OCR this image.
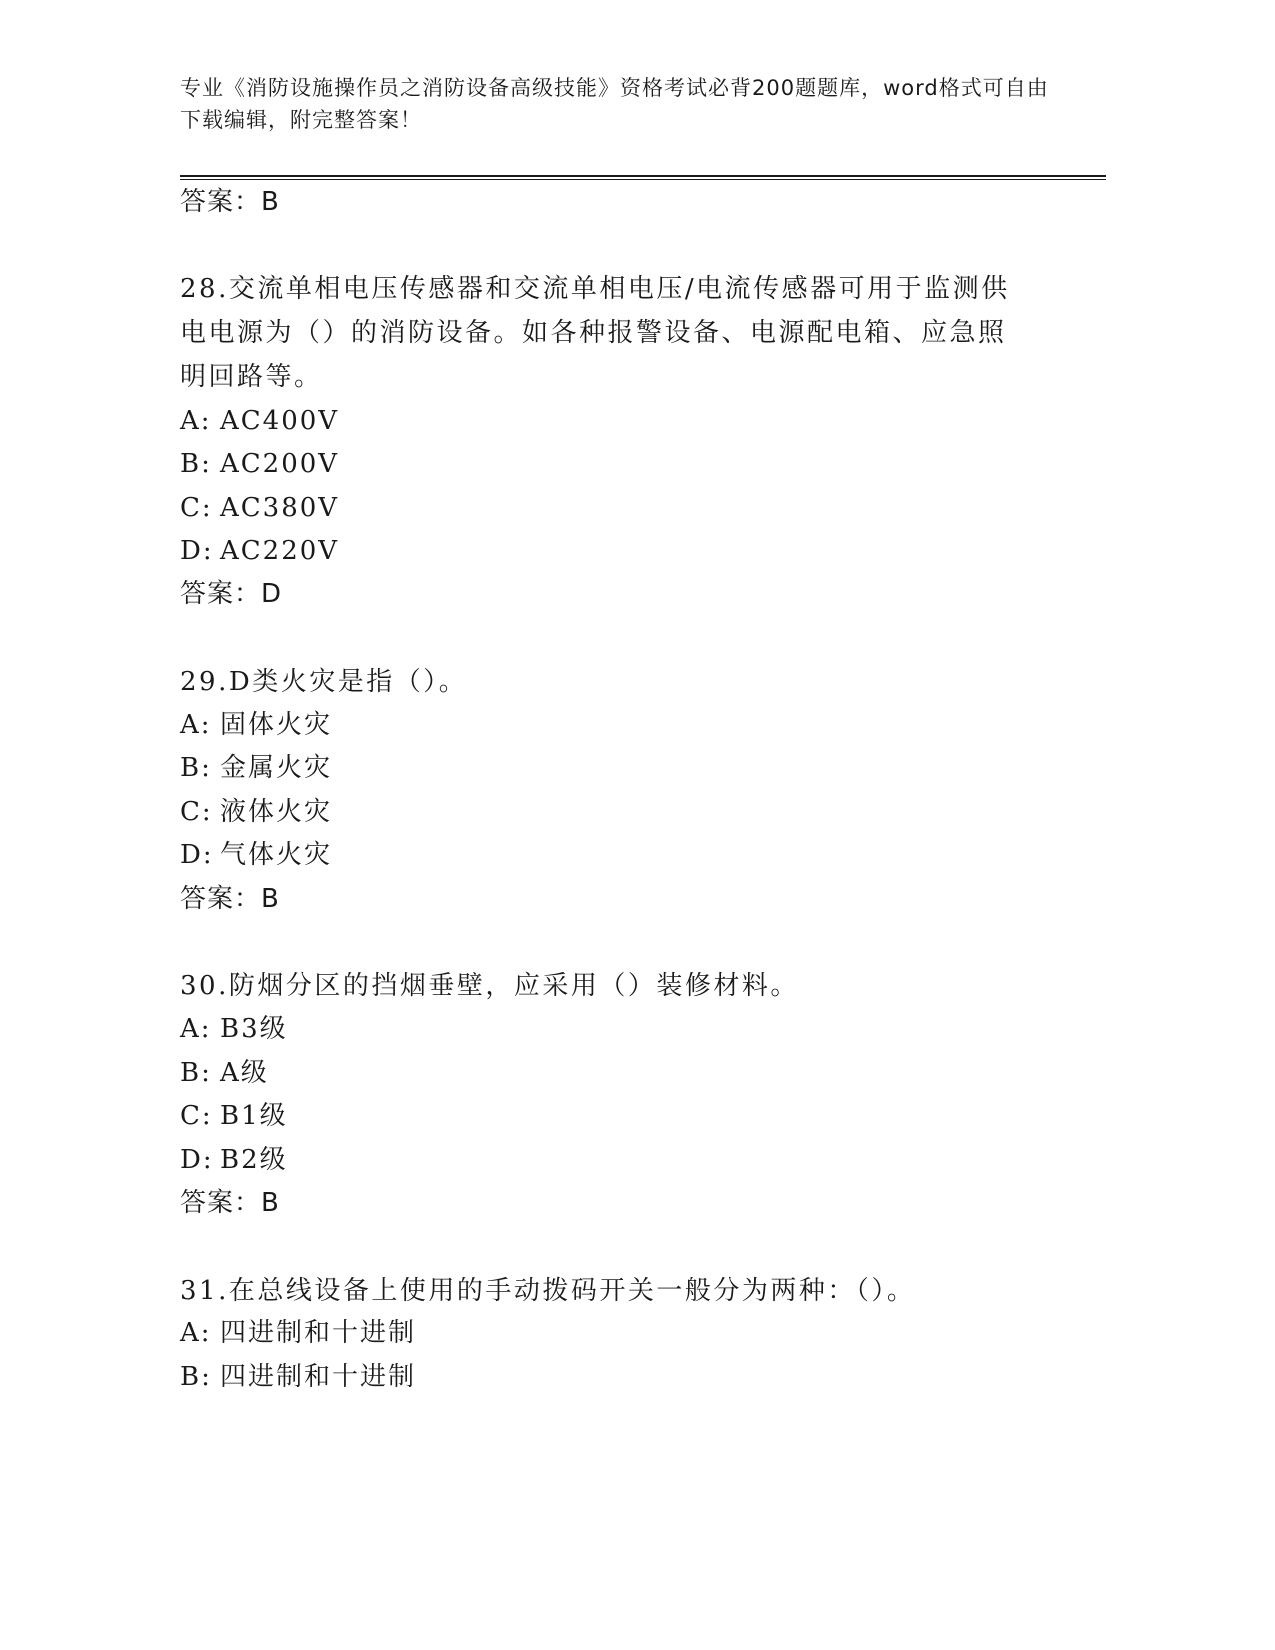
专业《消防设施操作员之消防设备高级技能》资格考试必背200题题库，word格式可自由下载编辑，附完整答案！
答案：B

28.交流单相电压传感器和交流单相电压/电流传感器可用于监测供电电源为（）的消防设备。如各种报警设备、电源配电箱、应急照明回路等。

A: AC400V
B: AC200V
C: AC380V
D: AC220V
答案：D

29.D类火灾是指（）。

A: 固体火灾
B: 金属火灾
C: 液体火灾
D: 气体火灾
答案：B

30.防烟分区的挡烟垂壁，应采用（）装修材料。

A: B3级
B: A级
C: B1级
D: B2级
答案：B

31.在总线设备上使用的手动拨码开关一般分为两种：（）。

A: 四进制和十进制
B: 四进制和十进制
